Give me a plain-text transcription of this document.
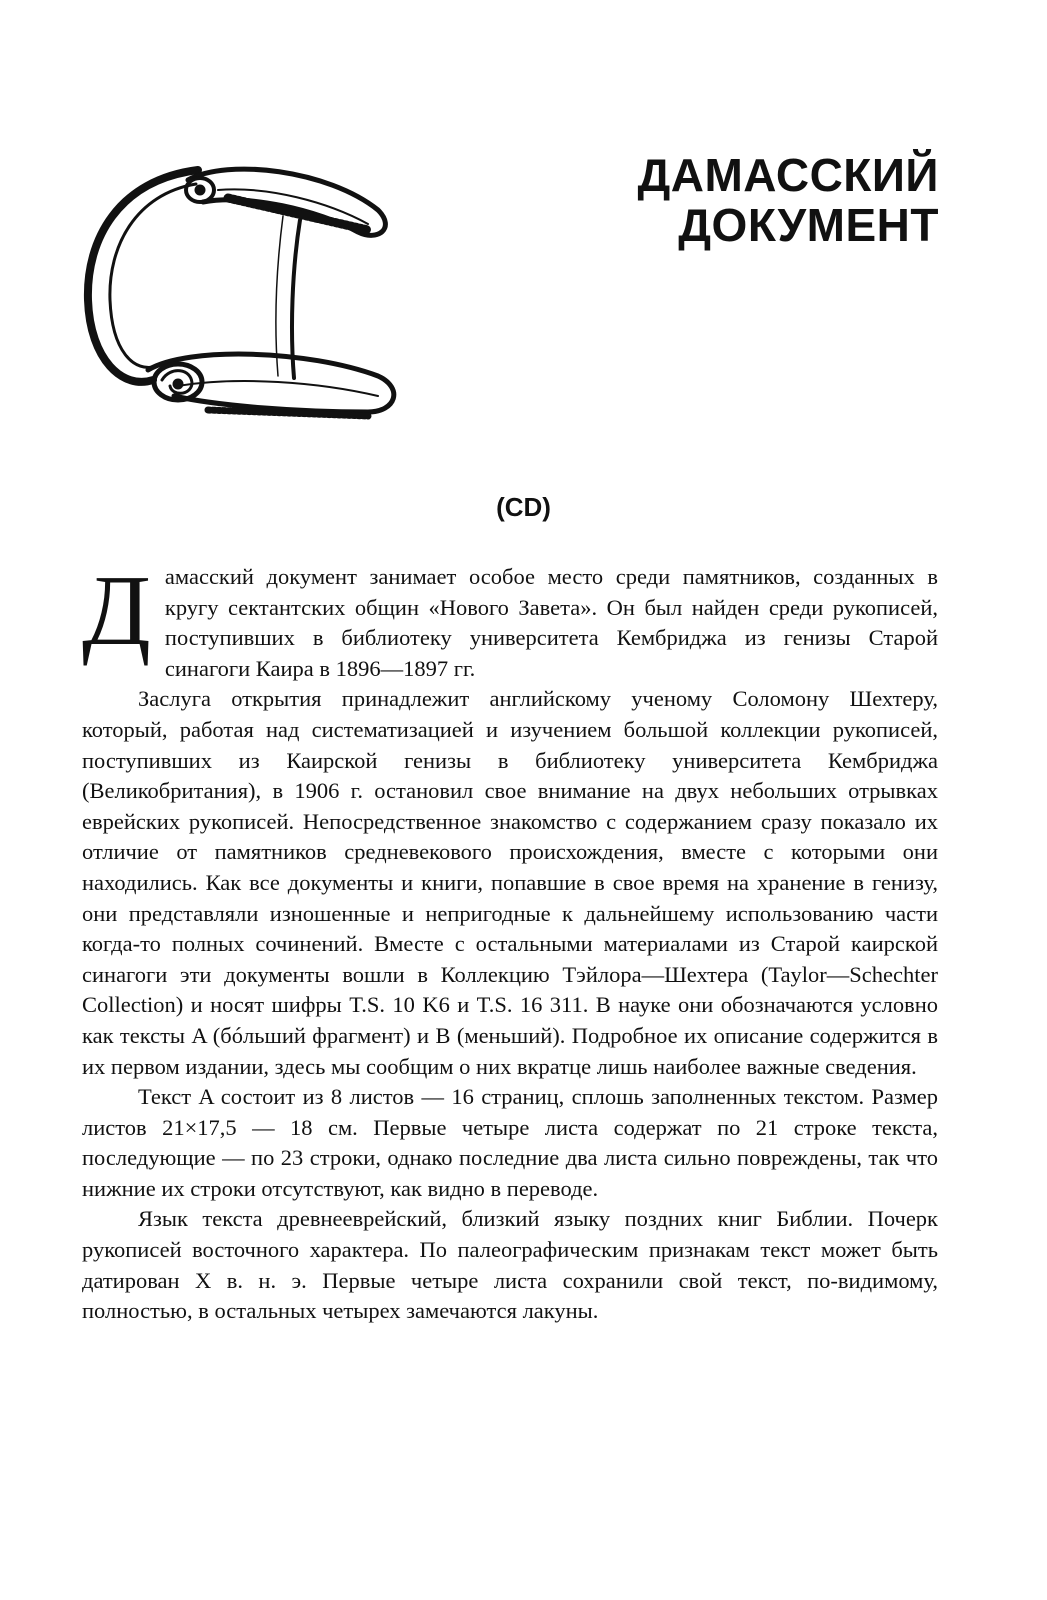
ДАМАССКИЙ
ДОКУМЕНТ
(CD)

Дамасский документ занимает особое место среди памятников, созданных в кругу сектантских общин «Нового Завета». Он был найден среди рукописей, поступивших в библиотеку университета Кембриджа из генизы Старой синагоги Каира в 1896—1897 гг.

Заслуга открытия принадлежит английскому ученому Соломону Шехтеру, который, работая над систематизацией и изучением большой коллекции рукописей, поступивших из Каирской генизы в библиотеку университета Кембриджа (Великобритания), в 1906 г. остановил свое внимание на двух небольших отрывках еврейских рукописей. Непосредственное знакомство с содержанием сразу показало их отличие от памятников средневекового происхождения, вместе с которыми они находились. Как все документы и книги, попавшие в свое время на хранение в генизу, они представляли изношенные и непригодные к дальнейшему использованию части когда-то полных сочинений. Вместе с остальными материалами из Старой каирской синагоги эти документы вошли в Коллекцию Тэйлора—Шехтера (Taylor—Schechter Collection) и носят шифры T.S. 10 K6 и T.S. 16 311. В науке они обозначаются условно как тексты A (бóльший фрагмент) и B (меньший). Подробное их описание содержится в их первом издании, здесь мы сообщим о них вкратце лишь наиболее важные сведения.

Текст A состоит из 8 листов — 16 страниц, сплошь заполненных текстом. Размер листов 21×17,5 — 18 см. Первые четыре листа содержат по 21 строке текста, последующие — по 23 строки, однако последние два листа сильно повреждены, так что нижние их строки отсутствуют, как видно в переводе.

Язык текста древнееврейский, близкий языку поздних книг Библии. Почерк рукописей восточного характера. По палеографическим признакам текст может быть датирован X в. н. э. Первые четыре листа сохранили свой текст, по-видимому, полностью, в остальных четырех замечаются лакуны.
